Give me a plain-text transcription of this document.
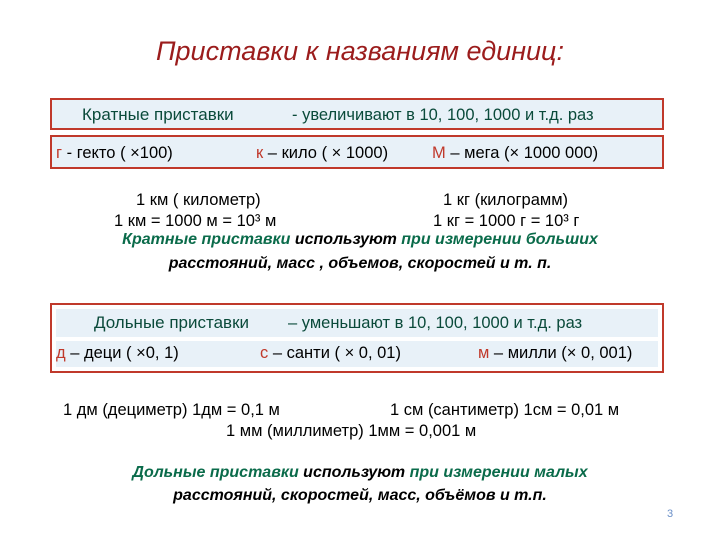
Приставки к названиям единиц:
Кратные приставки	- увеличивают в 10, 100, 1000 и т.д. раз
г - гекто ( ×100)	к – кило ( × 1000)	М – мега (× 1000 000)
1 км ( километр)
1 км = 1000 м = 10³ м
1 кг (килограмм)
1 кг = 1000 г = 10³ г
Кратные приставки используют при измерении больших
расстояний, масс , объемов, скоростей и т. п.
Дольные приставки – уменьшают в 10, 100, 1000 и т.д. раз
д – деци ( ×0, 1)	с – санти ( × 0, 01)	м – милли (× 0, 001)
1 дм (дециметр) 1дм = 0,1 м	1 см (сантиметр) 1см = 0,01 м
1 мм (миллиметр) 1мм = 0,001 м
Дольные приставки используют при измерении малых
расстояний, скоростей, масс, объёмов и т.п.
3
